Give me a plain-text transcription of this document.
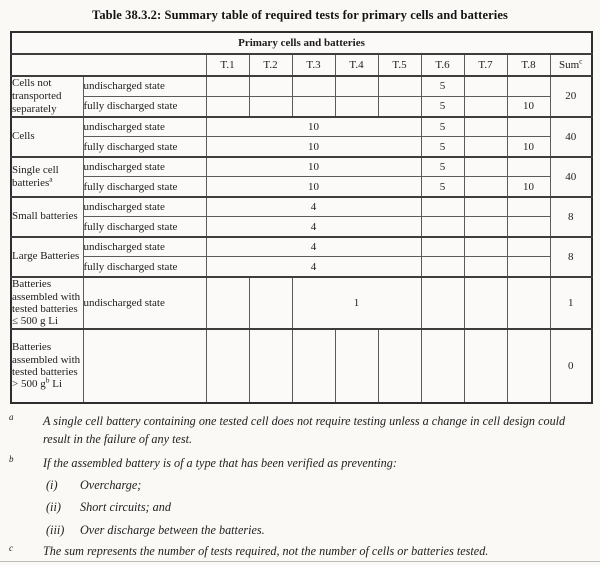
Table 38.3.2: Summary table of required tests for primary cells and batteries
Primary cells and batteries										
		T.1	T.2	T.3	T.4	T.5	T.6	T.7	T.8	Sum$^c$
Cells not transported separately	undischarged state						5			20
	fully discharged state						5		10	
Cells	undischarged state	10					5			40
	fully discharged state	10					5		10	
Single cell batteries$^a$	undischarged state	10					5			40
	fully discharged state	10					5		10	
Small batteries	undischarged state	4								8
	fully discharged state	4								
Large Batteries	undischarged state	4								8
	fully discharged state	4								
Batteries assembled with tested batteries ≤ 500 g Li	undischarged state			1						1
Batteries assembled with tested batteries > 500 $g^b$ Li										0
a A single cell battery containing one tested cell does not require testing unless a change in cell design could result in the failure of any test.
b If the assembled battery is of a type that has been verified as preventing:
(i) Overcharge;
(ii) Short circuits; and
(iii) Over discharge between the batteries.
c The sum represents the number of tests required, not the number of cells or batteries tested.
